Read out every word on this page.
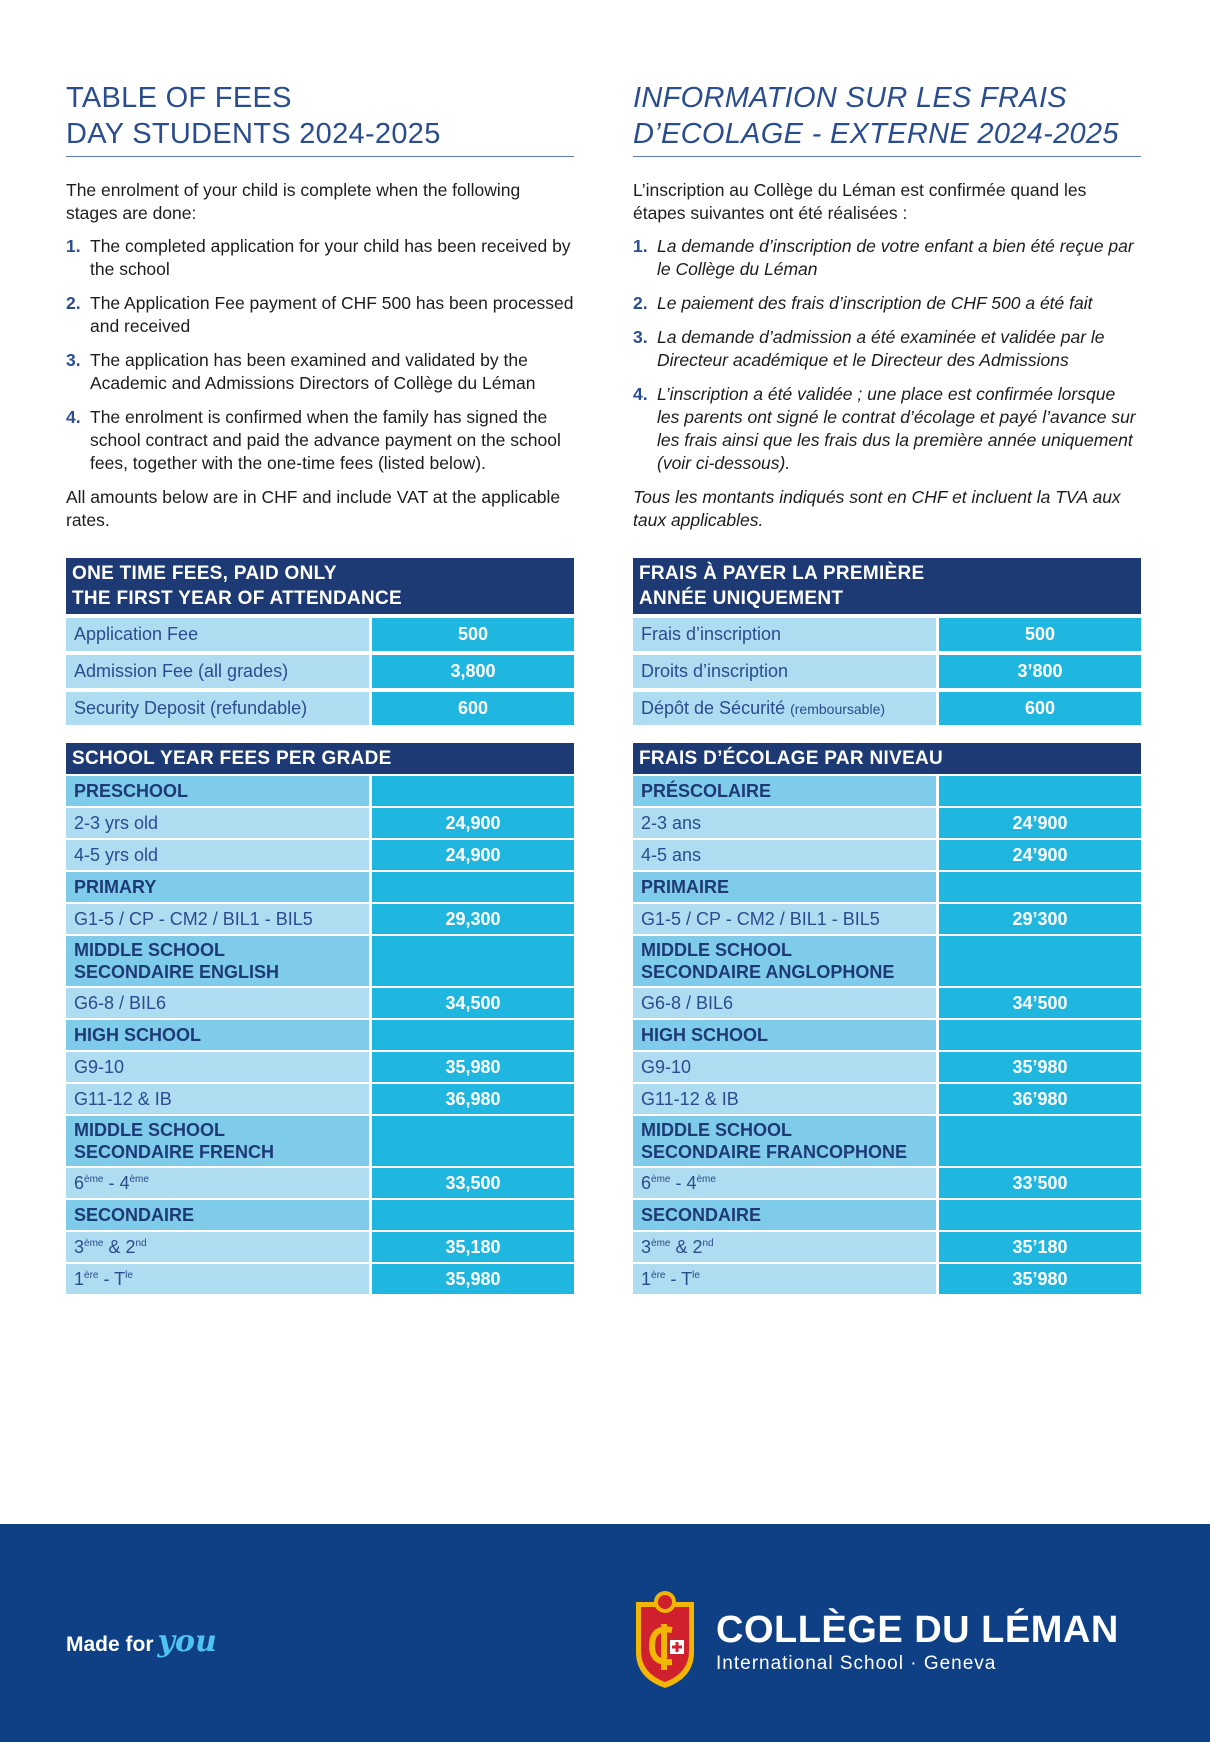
TABLE OF FEES
DAY STUDENTS 2024-2025

The enrolment of your child is complete when the following stages are done:

1. The completed application for your child has been received by the school
2. The Application Fee payment of CHF 500 has been processed and received
3. The application has been examined and validated by the Academic and Admissions Directors of Collège du Léman
4. The enrolment is confirmed when the family has signed the school contract and paid the advance payment on the school fees, together with the one-time fees (listed below).

All amounts below are in CHF and include VAT at the applicable rates.

ONE TIME FEES, PAID ONLY
THE FIRST YEAR OF ATTENDANCE
Application Fee	500
Admission Fee (all grades)	3,800
Security Deposit (refundable)	600
SCHOOL YEAR FEES PER GRADE
PRESCHOOL
2-3 yrs old	24,900
4-5 yrs old	24,900
PRIMARY
G1-5 / CP - CM2 / BIL1 - BIL5	29,300
MIDDLE SCHOOL
SECONDAIRE ENGLISH
G6-8 / BIL6	34,500
HIGH SCHOOL
G9-10	35,980
G11-12 & IB	36,980
MIDDLE SCHOOL
SECONDAIRE FRENCH
6ème - 4ème	33,500
SECONDAIRE
3ème & 2nd	35,180
$1ère - T^{le}$	35,980
INFORMATION SUR LES FRAIS
D’ECOLAGE - EXTERNE 2024-2025

L’inscription au Collège du Léman est confirmée quand les étapes suivantes ont été réalisées :

1. La demande d’inscription de votre enfant a bien été reçue par le Collège du Léman
2. Le paiement des frais d’inscription de CHF 500 a été fait
3. La demande d’admission a été examinée et validée par le Directeur académique et le Directeur des Admissions
4. L’inscription a été validée ; une place est confirmée lorsque les parents ont signé le contrat d’écolage et payé l’avance sur les frais ainsi que les frais dus la première année uniquement (voir ci-dessous).

Tous les montants indiqués sont en CHF et incluent la TVA aux taux applicables.

FRAIS À PAYER LA PREMIÈRE
ANNÉE UNIQUEMENT
Frais d’inscription	500
Droits d’inscription	3’800
Dépôt de Sécurité (remboursable)	600
FRAIS D’ÉCOLAGE PAR NIVEAU
PRÉSCOLAIRE
2-3 ans	24’900
4-5 ans	24’900
PRIMAIRE
G1-5 / CP - CM2 / BIL1 - BIL5	29’300
MIDDLE SCHOOL
SECONDAIRE ANGLOPHONE
G6-8 / BIL6	34’500
HIGH SCHOOL
G9-10	35’980
G11-12 & IB	36’980
MIDDLE SCHOOL
SECONDAIRE FRANCOPHONE
6ème - 4ème	33’500
SECONDAIRE
3ème & 2nd	35’180
$1ère - T^{le}$	35’980
Made for you	COLLÈGE DU LÉMAN
International School · Geneva
